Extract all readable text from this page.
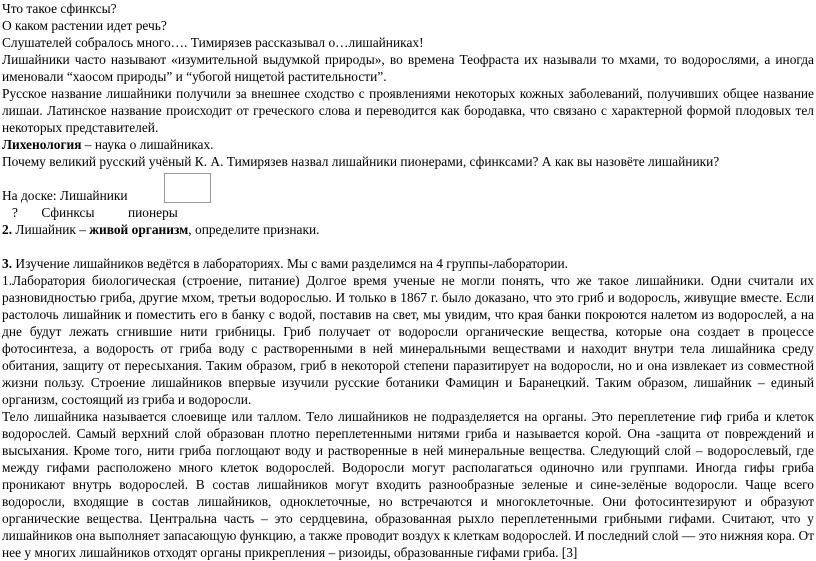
Что такое сфинксы?

О каком растении идет речь?

Слушателей собралось много…. Тимирязев рассказывал о…лишайниках!

Лишайники часто называют «изумительной выдумкой природы», во времена Теофраста их называли то мхами, то водорослями, а иногда именовали “хаосом природы” и “убогой нищетой растительности”.

Русское название лишайники получили за внешнее сходство с проявлениями некоторых кожных заболеваний, получивших общее название лишаи. Латинское название происходит от греческого слова и переводится как бородавка, что связано с характерной формой плодовых тел некоторых представителей.

Лихенология – наука о лишайниках.

Почему великий русский учёный К. А. Тимирязев назвал лишайники пионерами, сфинксами? А как вы назовёте лишайники?

На доске: Лишайники

?       Сфинксы          пионеры

2. Лишайник – живой организм, определите признаки.

3. Изучение лишайников ведётся в лабораториях. Мы с вами разделимся на 4 группы-лаборатории.

1.Лаборатория биологическая (строение, питание) Долгое время ученые не могли понять, что же такое лишайники. Одни считали их разновидностью гриба, другие мхом, третьи водорослью. И только в 1867 г. было доказано, что это гриб и водоросль, живущие вместе. Если растолочь лишайник и поместить его в банку с водой, поставив на свет, мы увидим, что края банки покроются налетом из водорослей, а на дне будут лежать сгнившие нити грибницы. Гриб получает от водоросли органические вещества, которые она создает в процессе фотосинтеза, а водорость от гриба воду с растворенными в ней минеральными веществами и находит внутри тела лишайника среду обитания, защиту от пересыхания. Таким образом, гриб в некоторой степени паразитирует на водоросли, но и она извлекает из совместной жизни пользу. Строение лишайников впервые изучили русские ботаники Фамицин и Баранецкий. Таким образом, лишайник – единый организм, состоящий из гриба и водоросли.

Тело лишайника называется слоевище или таллом. Тело лишайников не подразделяется на органы. Это переплетение гиф гриба и клеток водорослей. Самый верхний слой образован плотно переплетенными нитями гриба и называется корой. Она -защита от повреждений и высыхания. Кроме того, нити гриба поглощают воду и растворенные в ней минеральные вещества. Следующий слой – водорослевый, где между гифами расположено много клеток водорослей. Водоросли могут располагаться одиночно или группами. Иногда гифы гриба проникают внутрь водорослей. В состав лишайников могут входить разнообразные зеленые и сине-зелёные водоросли. Чаще всего водоросли, входящие в состав лишайников, одноклеточные, но встречаются и многоклеточные. Они фотосинтезируют и образуют органические вещества. Центральна часть – это сердцевина, образованная рыхло переплетенными грибными гифами. Считают, что у лишайников она выполняет запасающую функцию, а также проводит воздух к клеткам водорослей. И последний слой — это нижняя кора. От нее у многих лишайников отходят органы прикрепления – ризоиды, образованные гифами гриба. [3]
